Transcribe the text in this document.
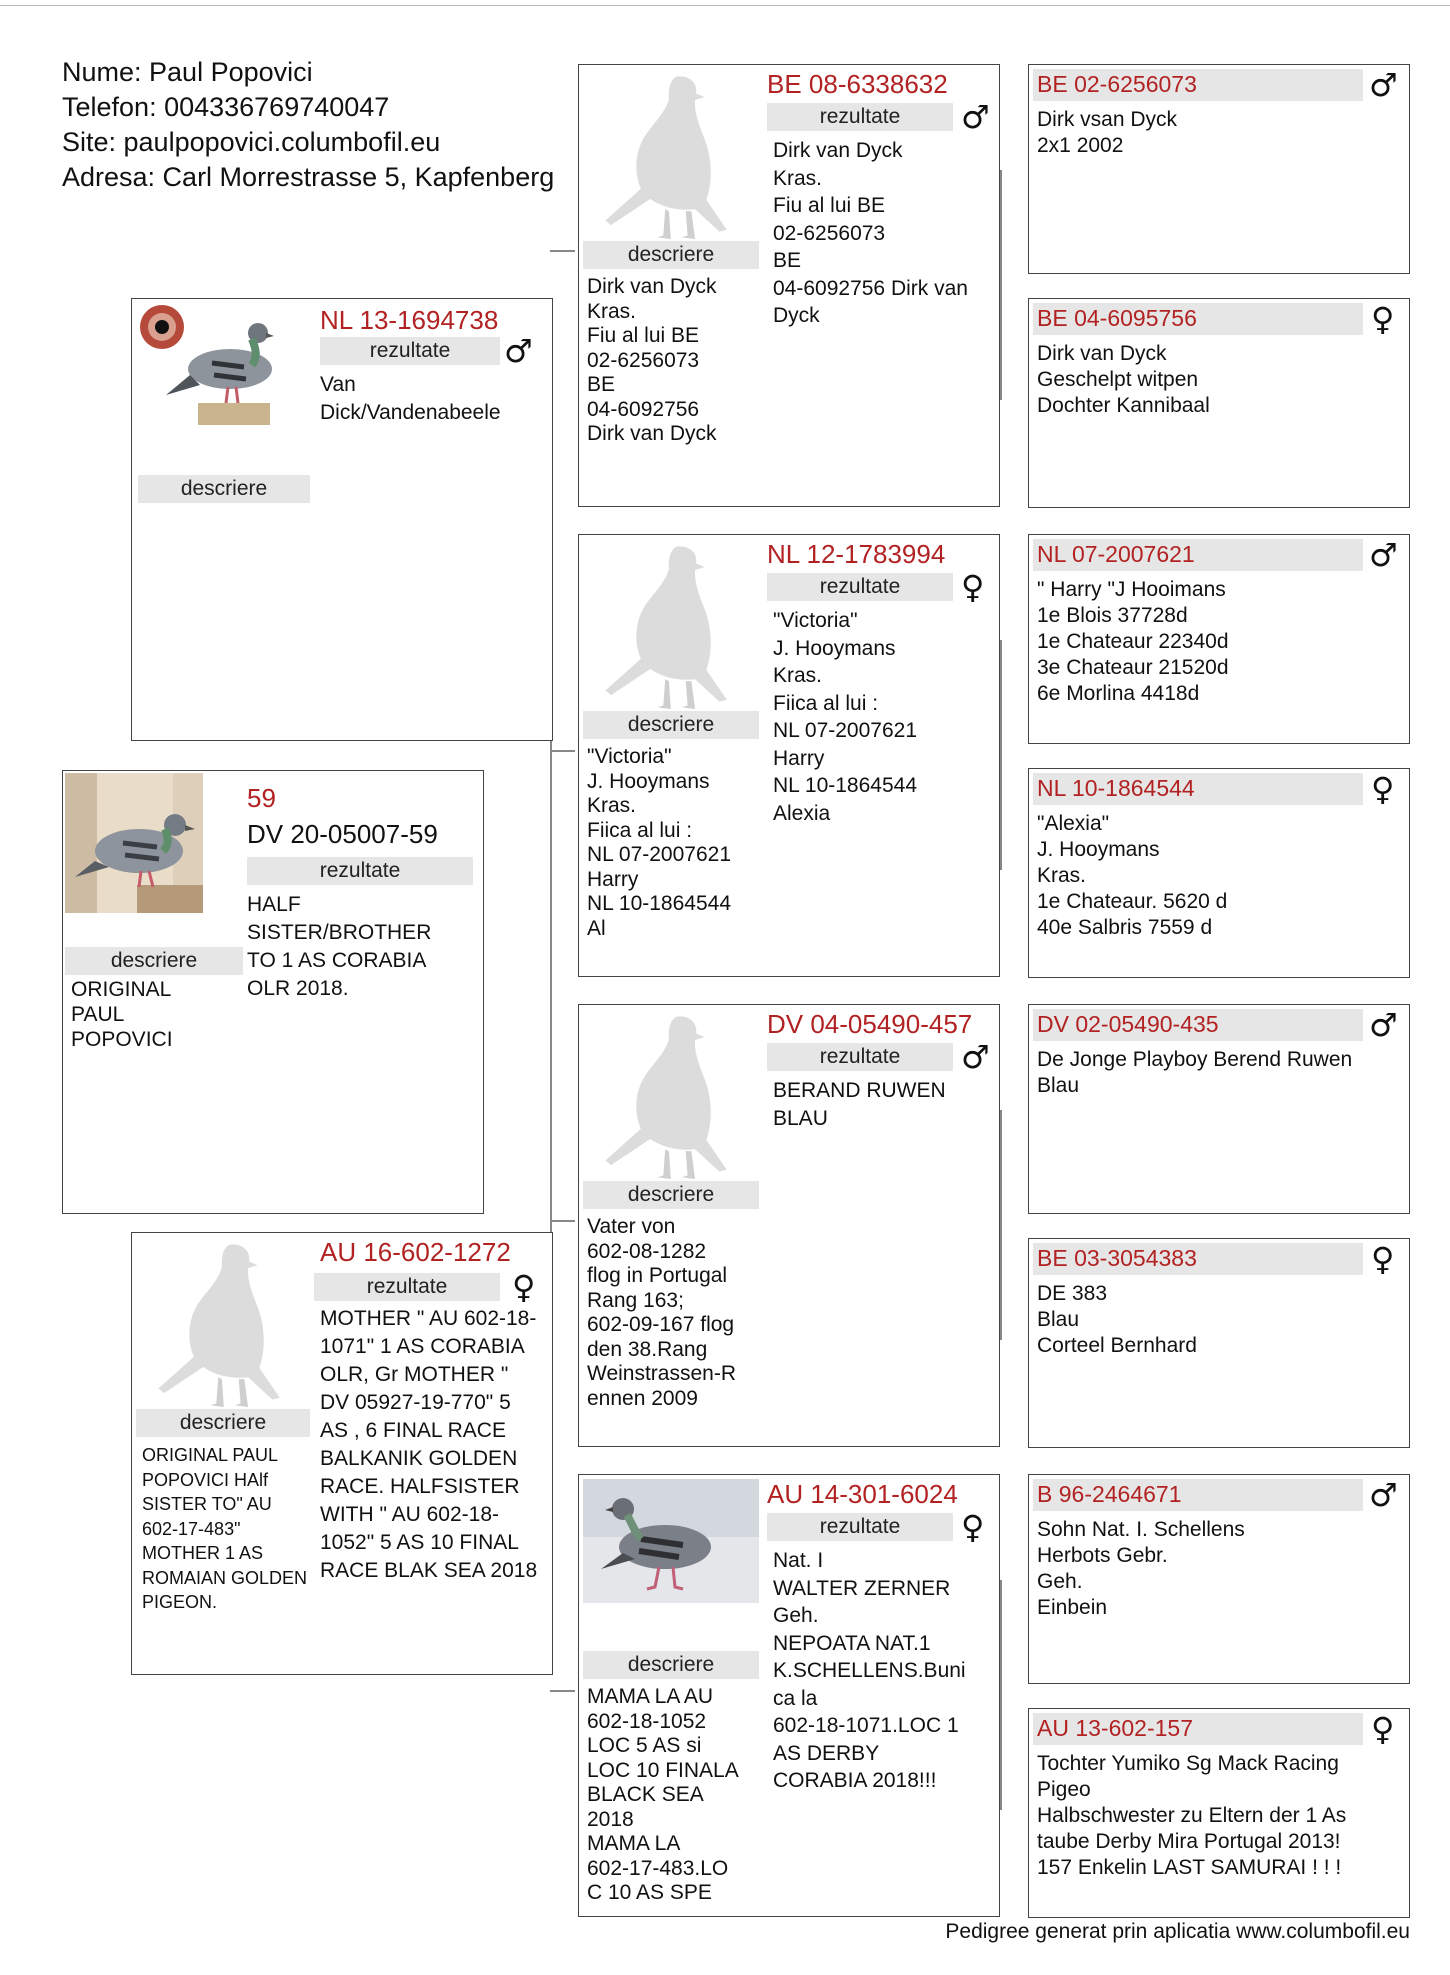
Nume: Paul Popovici
Telefon: 004336769740047
Site: paulpopovici.columbofil.eu
Adresa: Carl Morrestrasse 5, Kapfenberg
59
DV 20-05007-59
rezultate
HALF SISTER/BROTHER TO 1 AS CORABIA OLR 2018.
descriere
ORIGINAL PAUL POPOVICI
NL 13-1694738
rezultate	♂
Van Dick/Vandenabeele
descriere
AU 16-602-1272
rezultate	♀
MOTHER " AU 602-18-1071" 1 AS CORABIA OLR, Gr MOTHER " DV 05927-19-770" 5 AS , 6 FINAL RACE BALKANIK GOLDEN RACE. HALFSISTER WITH " AU 602-18-1052" 5 AS 10 FINAL RACE BLAK SEA 2018
descriere
ORIGINAL PAUL POPOVICI HAlf SISTER TO" AU 602-17-483" MOTHER 1 AS ROMAIAN GOLDEN PIGEON.
BE 08-6338632
rezultate	♂
Dirk van Dyck
Kras.
Fiu al lui BE
02-6256073
BE
04-6092756 Dirk van
Dyck
descriere
Dirk van Dyck
Kras.
Fiu al lui BE
02-6256073
BE
04-6092756
Dirk van Dyck
NL 12-1783994
rezultate	♀
"Victoria"
J. Hooymans
Kras.
Fiica al lui :
NL 07-2007621
Harry
NL 10-1864544
Alexia
descriere
"Victoria"
J. Hooymans
Kras.
Fiica al lui :
NL 07-2007621
Harry
NL 10-1864544
Al
DV 04-05490-457
rezultate	♂
BERAND RUWEN
BLAU
descriere
Vater von
602-08-1282
flog in Portugal
Rang 163;
602-09-167 flog
den 38.Rang
Weinstrassen-R
ennen 2009
AU 14-301-6024
rezultate	♀
Nat. I
WALTER ZERNER
Geh.
NEPOATA NAT.1
K.SCHELLENS.Buni
ca la
602-18-1071.LOC 1
AS DERBY
CORABIA 2018!!!
descriere
MAMA LA AU
602-18-1052
LOC 5 AS si
LOC 10 FINALA
BLACK SEA
2018
MAMA LA
602-17-483.LO
C 10 AS SPE
BE 02-6256073	♂
Dirk vsan Dyck
2x1 2002
BE 04-6095756	♀
Dirk van Dyck
Geschelpt witpen
Dochter Kannibaal
NL 07-2007621	♂
" Harry "J Hooimans
1e Blois 37728d
1e Chateaur 22340d
3e Chateaur 21520d
6e Morlina 4418d
NL 10-1864544	♀
"Alexia"
J. Hooymans
Kras.
1e Chateaur. 5620 d
40e Salbris 7559 d
DV 02-05490-435	♂
De Jonge Playboy Berend Ruwen
Blau
BE 03-3054383	♀
DE 383
Blau
Corteel Bernhard
B 96-2464671	♂
Sohn Nat. I. Schellens
Herbots Gebr.
Geh.
Einbein
AU 13-602-157	♀
Tochter Yumiko Sg Mack Racing
Pigeo
Halbschwester zu Eltern der 1 As
taube Derby Mira Portugal 2013!
157 Enkelin LAST SAMURAI ! ! !
Pedigree generat prin aplicatia www.columbofil.eu
